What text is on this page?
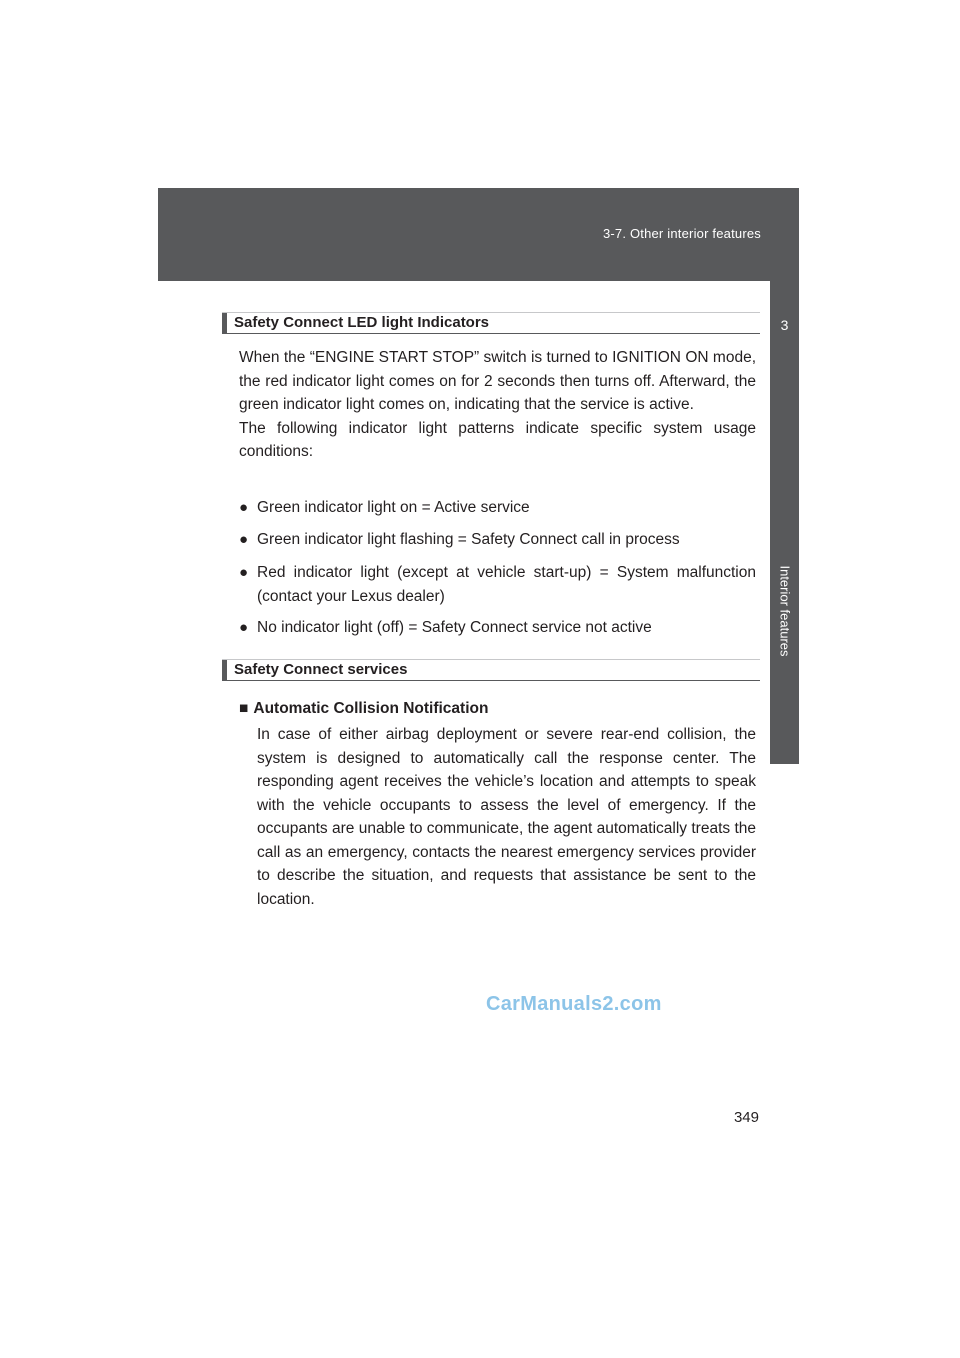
3-7. Other interior features
3
Interior features
Safety Connect LED light Indicators
When the “ENGINE START STOP” switch is turned to IGNITION ON mode, the red indicator light comes on for 2 seconds then turns off. Afterward, the green indicator light comes on, indicating that the service is active.
The following indicator light patterns indicate specific system usage conditions:
● Green indicator light on = Active service
● Green indicator light flashing = Safety Connect call in process
● Red indicator light (except at vehicle start-up) = System malfunction (contact your Lexus dealer)
● No indicator light (off) = Safety Connect service not active
Safety Connect services
■ Automatic Collision Notification
In case of either airbag deployment or severe rear-end collision, the system is designed to automatically call the response center. The responding agent receives the vehicle’s location and attempts to speak with the vehicle occupants to assess the level of emergency. If the occupants are unable to communicate, the agent automatically treats the call as an emergency, contacts the nearest emergency services provider to describe the situation, and requests that assistance be sent to the location.
CarManuals2.com
349
